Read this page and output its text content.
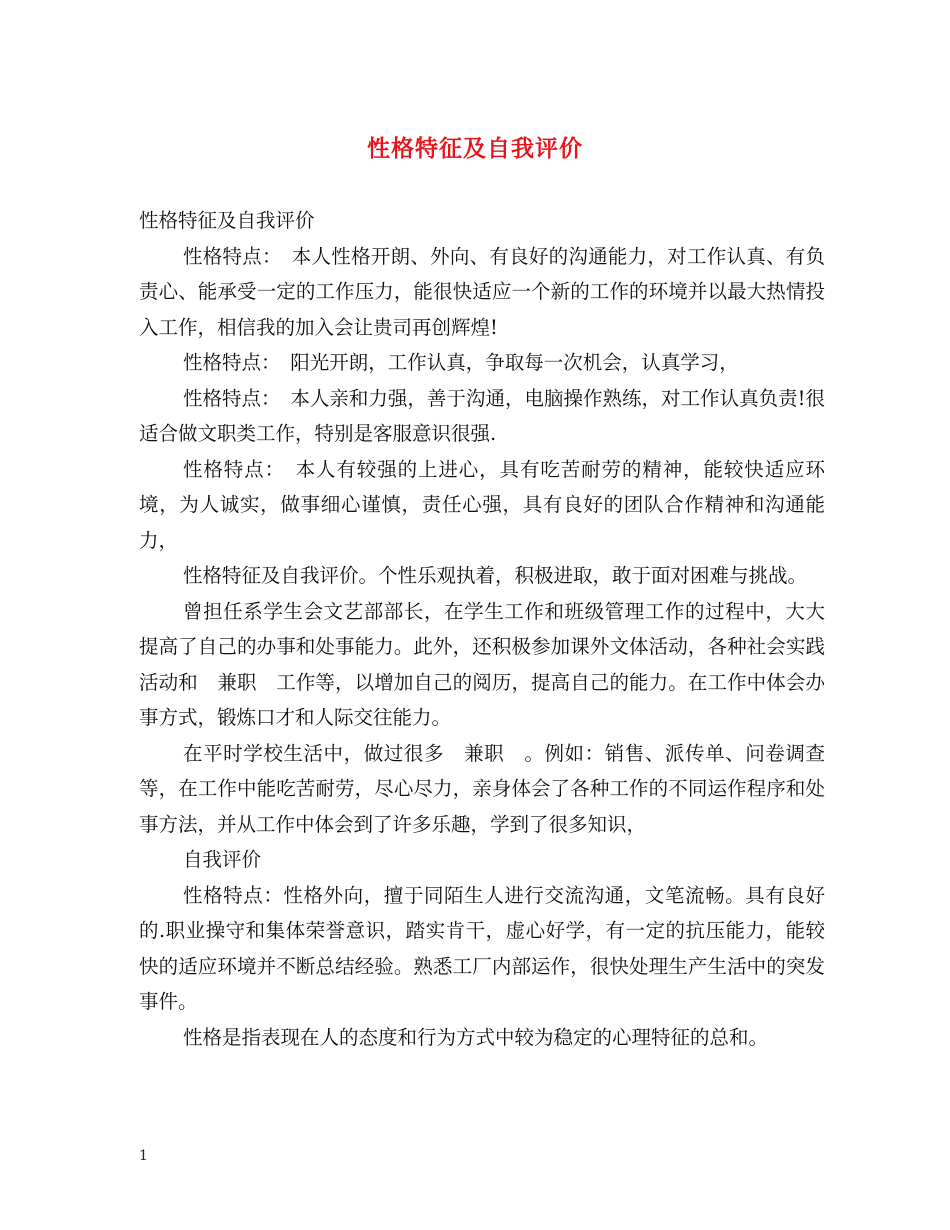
性格特征及自我评价

性格特征及自我评价

性格特点：　本人性格开朗、外向、有良好的沟通能力，对工作认真、有负责心、能承受一定的工作压力，能很快适应一个新的工作的环境并以最大热情投入工作，相信我的加入会让贵司再创辉煌!

性格特点：　阳光开朗，工作认真，争取每一次机会，认真学习，

性格特点：　本人亲和力强，善于沟通，电脑操作熟练，对工作认真负责!很适合做文职类工作，特别是客服意识很强.

性格特点：　本人有较强的上进心，具有吃苦耐劳的精神，能较快适应环境，为人诚实，做事细心谨慎，责任心强，具有良好的团队合作精神和沟通能力，

性格特征及自我评价。个性乐观执着，积极进取，敢于面对困难与挑战。

曾担任系学生会文艺部部长，在学生工作和班级管理工作的过程中，大大提高了自己的办事和处事能力。此外，还积极参加课外文体活动，各种社会实践活动和　兼职　工作等，以增加自己的阅历，提高自己的能力。在工作中体会办事方式，锻炼口才和人际交往能力。

在平时学校生活中，做过很多　兼职　。例如：销售、派传单、问卷调查等，在工作中能吃苦耐劳，尽心尽力，亲身体会了各种工作的不同运作程序和处事方法，并从工作中体会到了许多乐趣，学到了很多知识，

自我评价

性格特点：性格外向，擅于同陌生人进行交流沟通，文笔流畅。具有良好的.职业操守和集体荣誉意识，踏实肯干，虚心好学，有一定的抗压能力，能较快的适应环境并不断总结经验。熟悉工厂内部运作，很快处理生产生活中的突发事件。

性格是指表现在人的态度和行为方式中较为稳定的心理特征的总和。

1
